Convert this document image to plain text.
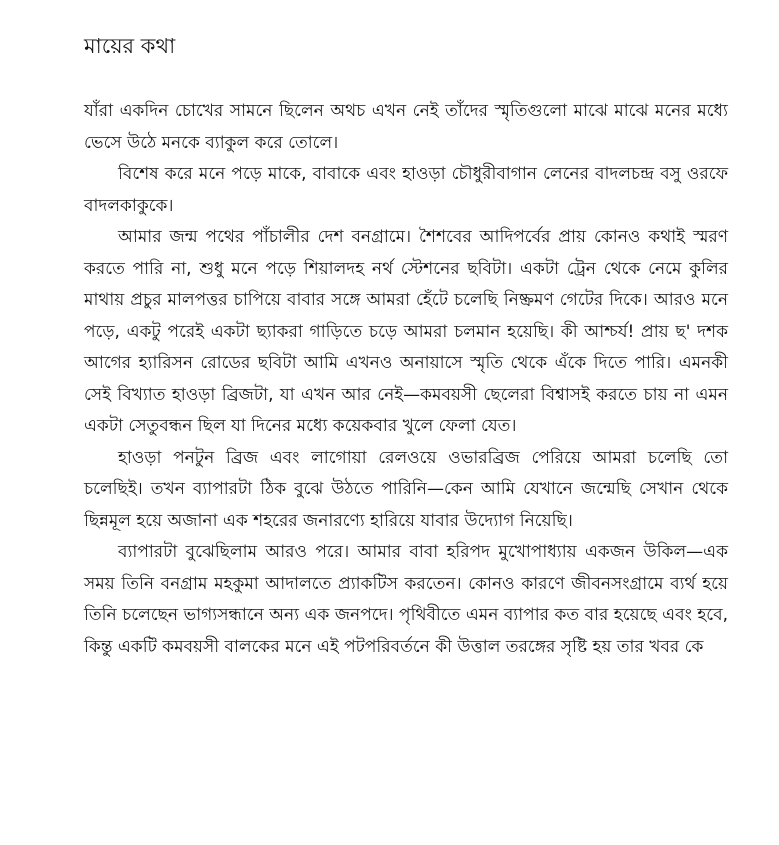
মায়ের কথা

যাঁরা একদিন চোখের সামনে ছিলেন অথচ এখন নেই তাঁদের স্মৃতিগুলো মাঝে মাঝে মনের মধ্যে ভেসে উঠে মনকে ব্যাকুল করে তোলে।

বিশেষ করে মনে পড়ে মাকে, বাবাকে এবং হাওড়া চৌধুরীবাগান লেনের বাদলচন্দ্র বসু ওরফে বাদলকাকুকে।

আমার জন্ম পথের পাঁচালীর দেশ বনগ্রামে। শৈশবের আদিপর্বের প্রায় কোনও কথাই স্মরণ করতে পারি না, শুধু মনে পড়ে শিয়ালদহ নর্থ স্টেশনের ছবিটা। একটা ট্রেন থেকে নেমে কুলির মাথায় প্রচুর মালপত্তর চাপিয়ে বাবার সঙ্গে আমরা হেঁটে চলেছি নিষ্ক্রমণ গেটের দিকে। আরও মনে পড়ে, একটু পরেই একটা ছ্যাকরা গাড়িতে চড়ে আমরা চলমান হয়েছি। কী আশ্চর্য! প্রায় ছ' দশক আগের হ্যারিসন রোডের ছবিটা আমি এখনও অনায়াসে স্মৃতি থেকে এঁকে দিতে পারি। এমনকী সেই বিখ্যাত হাওড়া ব্রিজটা, যা এখন আর নেই—কমবয়সী ছেলেরা বিশ্বাসই করতে চায় না এমন একটা সেতুবন্ধন ছিল যা দিনের মধ্যে কয়েকবার খুলে ফেলা যেত।

হাওড়া পনটুন ব্রিজ এবং লাগোয়া রেলওয়ে ওভারব্রিজ পেরিয়ে আমরা চলেছি তো চলেছিই। তখন ব্যাপারটা ঠিক বুঝে উঠতে পারিনি—কেন আমি যেখানে জন্মেছি সেখান থেকে ছিন্নমূল হয়ে অজানা এক শহরের জনারণ্যে হারিয়ে যাবার উদ্যোগ নিয়েছি।

ব্যাপারটা বুঝেছিলাম আরও পরে। আমার বাবা হরিপদ মুখোপাধ্যায় একজন উকিল—এক সময় তিনি বনগ্রাম মহকুমা আদালতে প্র্যাকটিস করতেন। কোনও কারণে জীবনসংগ্রামে ব্যর্থ হয়ে তিনি চলেছেন ভাগ্যসন্ধানে অন্য এক জনপদে। পৃথিবীতে এমন ব্যাপার কত বার হয়েছে এবং হবে, কিন্তু একটি কমবয়সী বালকের মনে এই পটপরিবর্তনে কী উত্তাল তরঙ্গের সৃষ্টি হয় তার খবর কে
